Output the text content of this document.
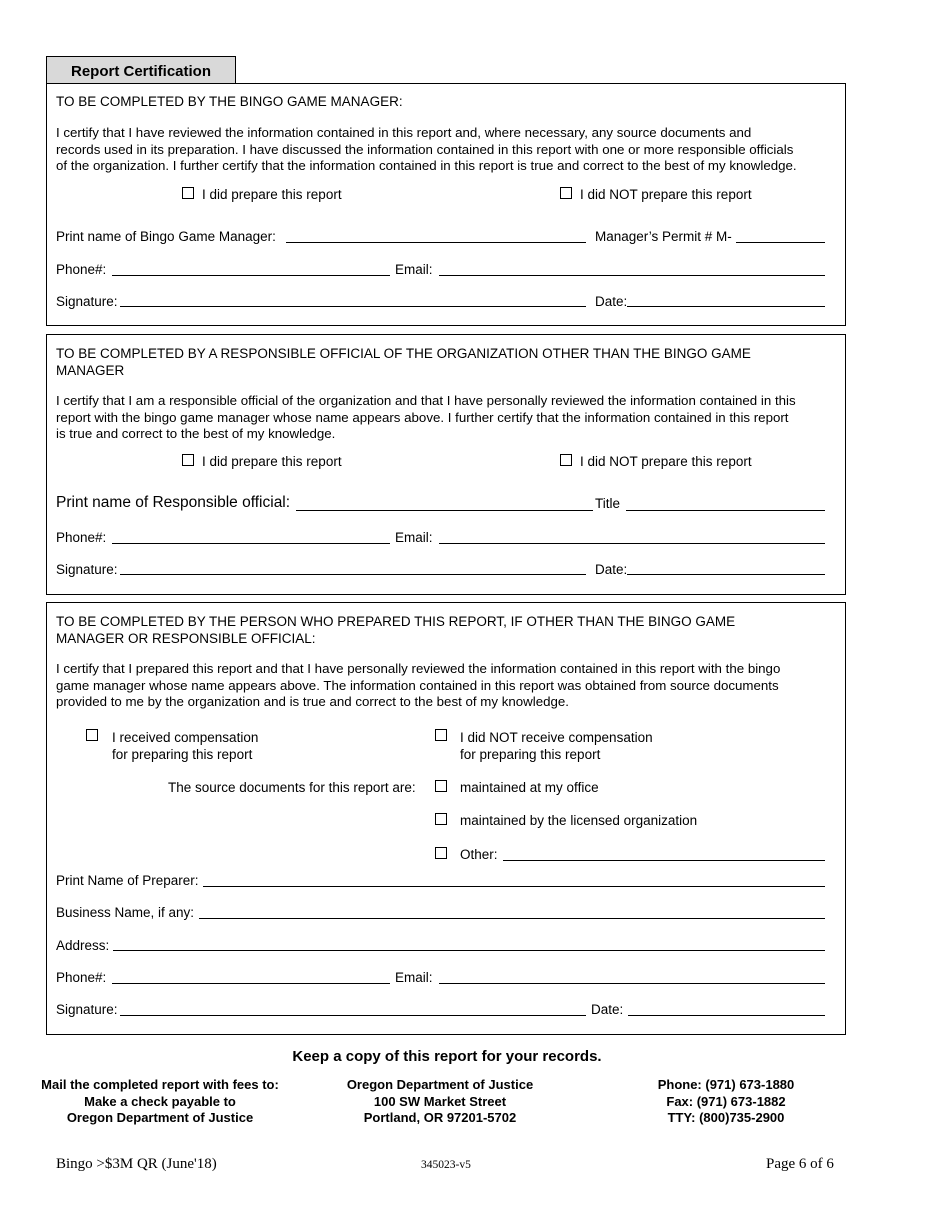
Report Certification
TO BE COMPLETED BY THE BINGO GAME MANAGER:
I certify that I have reviewed the information contained in this report and, where necessary, any source documents and
records used in its preparation. I have discussed the information contained in this report with one or more responsible officials
of the organization. I further certify that the information contained in this report is true and correct to the best of my knowledge.
I did prepare this report	I did NOT prepare this report
Print name of Bingo Game Manager:	Manager’s Permit # M-
Phone#:	Email:
Signature:	Date:
TO BE COMPLETED BY A RESPONSIBLE OFFICIAL OF THE ORGANIZATION OTHER THAN THE BINGO GAME
MANAGER
I certify that I am a responsible official of the organization and that I have personally reviewed the information contained in this
report with the bingo game manager whose name appears above. I further certify that the information contained in this report
is true and correct to the best of my knowledge.
I did prepare this report	I did NOT prepare this report
Print name of Responsible official:	Title
Phone#:	Email:
Signature:	Date:
TO BE COMPLETED BY THE PERSON WHO PREPARED THIS REPORT, IF OTHER THAN THE BINGO GAME
MANAGER OR RESPONSIBLE OFFICIAL:
I certify that I prepared this report and that I have personally reviewed the information contained in this report with the bingo
game manager whose name appears above. The information contained in this report was obtained from source documents
provided to me by the organization and is true and correct to the best of my knowledge.
I received compensation
for preparing this report
I did NOT receive compensation
for preparing this report
The source documents for this report are:	maintained at my office
maintained by the licensed organization
Other:
Print Name of Preparer:
Business Name, if any:
Address:
Phone#:	Email:
Signature:	Date:
Keep a copy of this report for your records.
Mail the completed report with fees to:
Make a check payable to
Oregon Department of Justice
Oregon Department of Justice
100 SW Market Street
Portland, OR 97201-5702
Phone: (971) 673-1880
Fax: (971) 673-1882
TTY: (800)735-2900
Bingo >$3M QR (June'18)	345023-v5	Page 6 of 6
